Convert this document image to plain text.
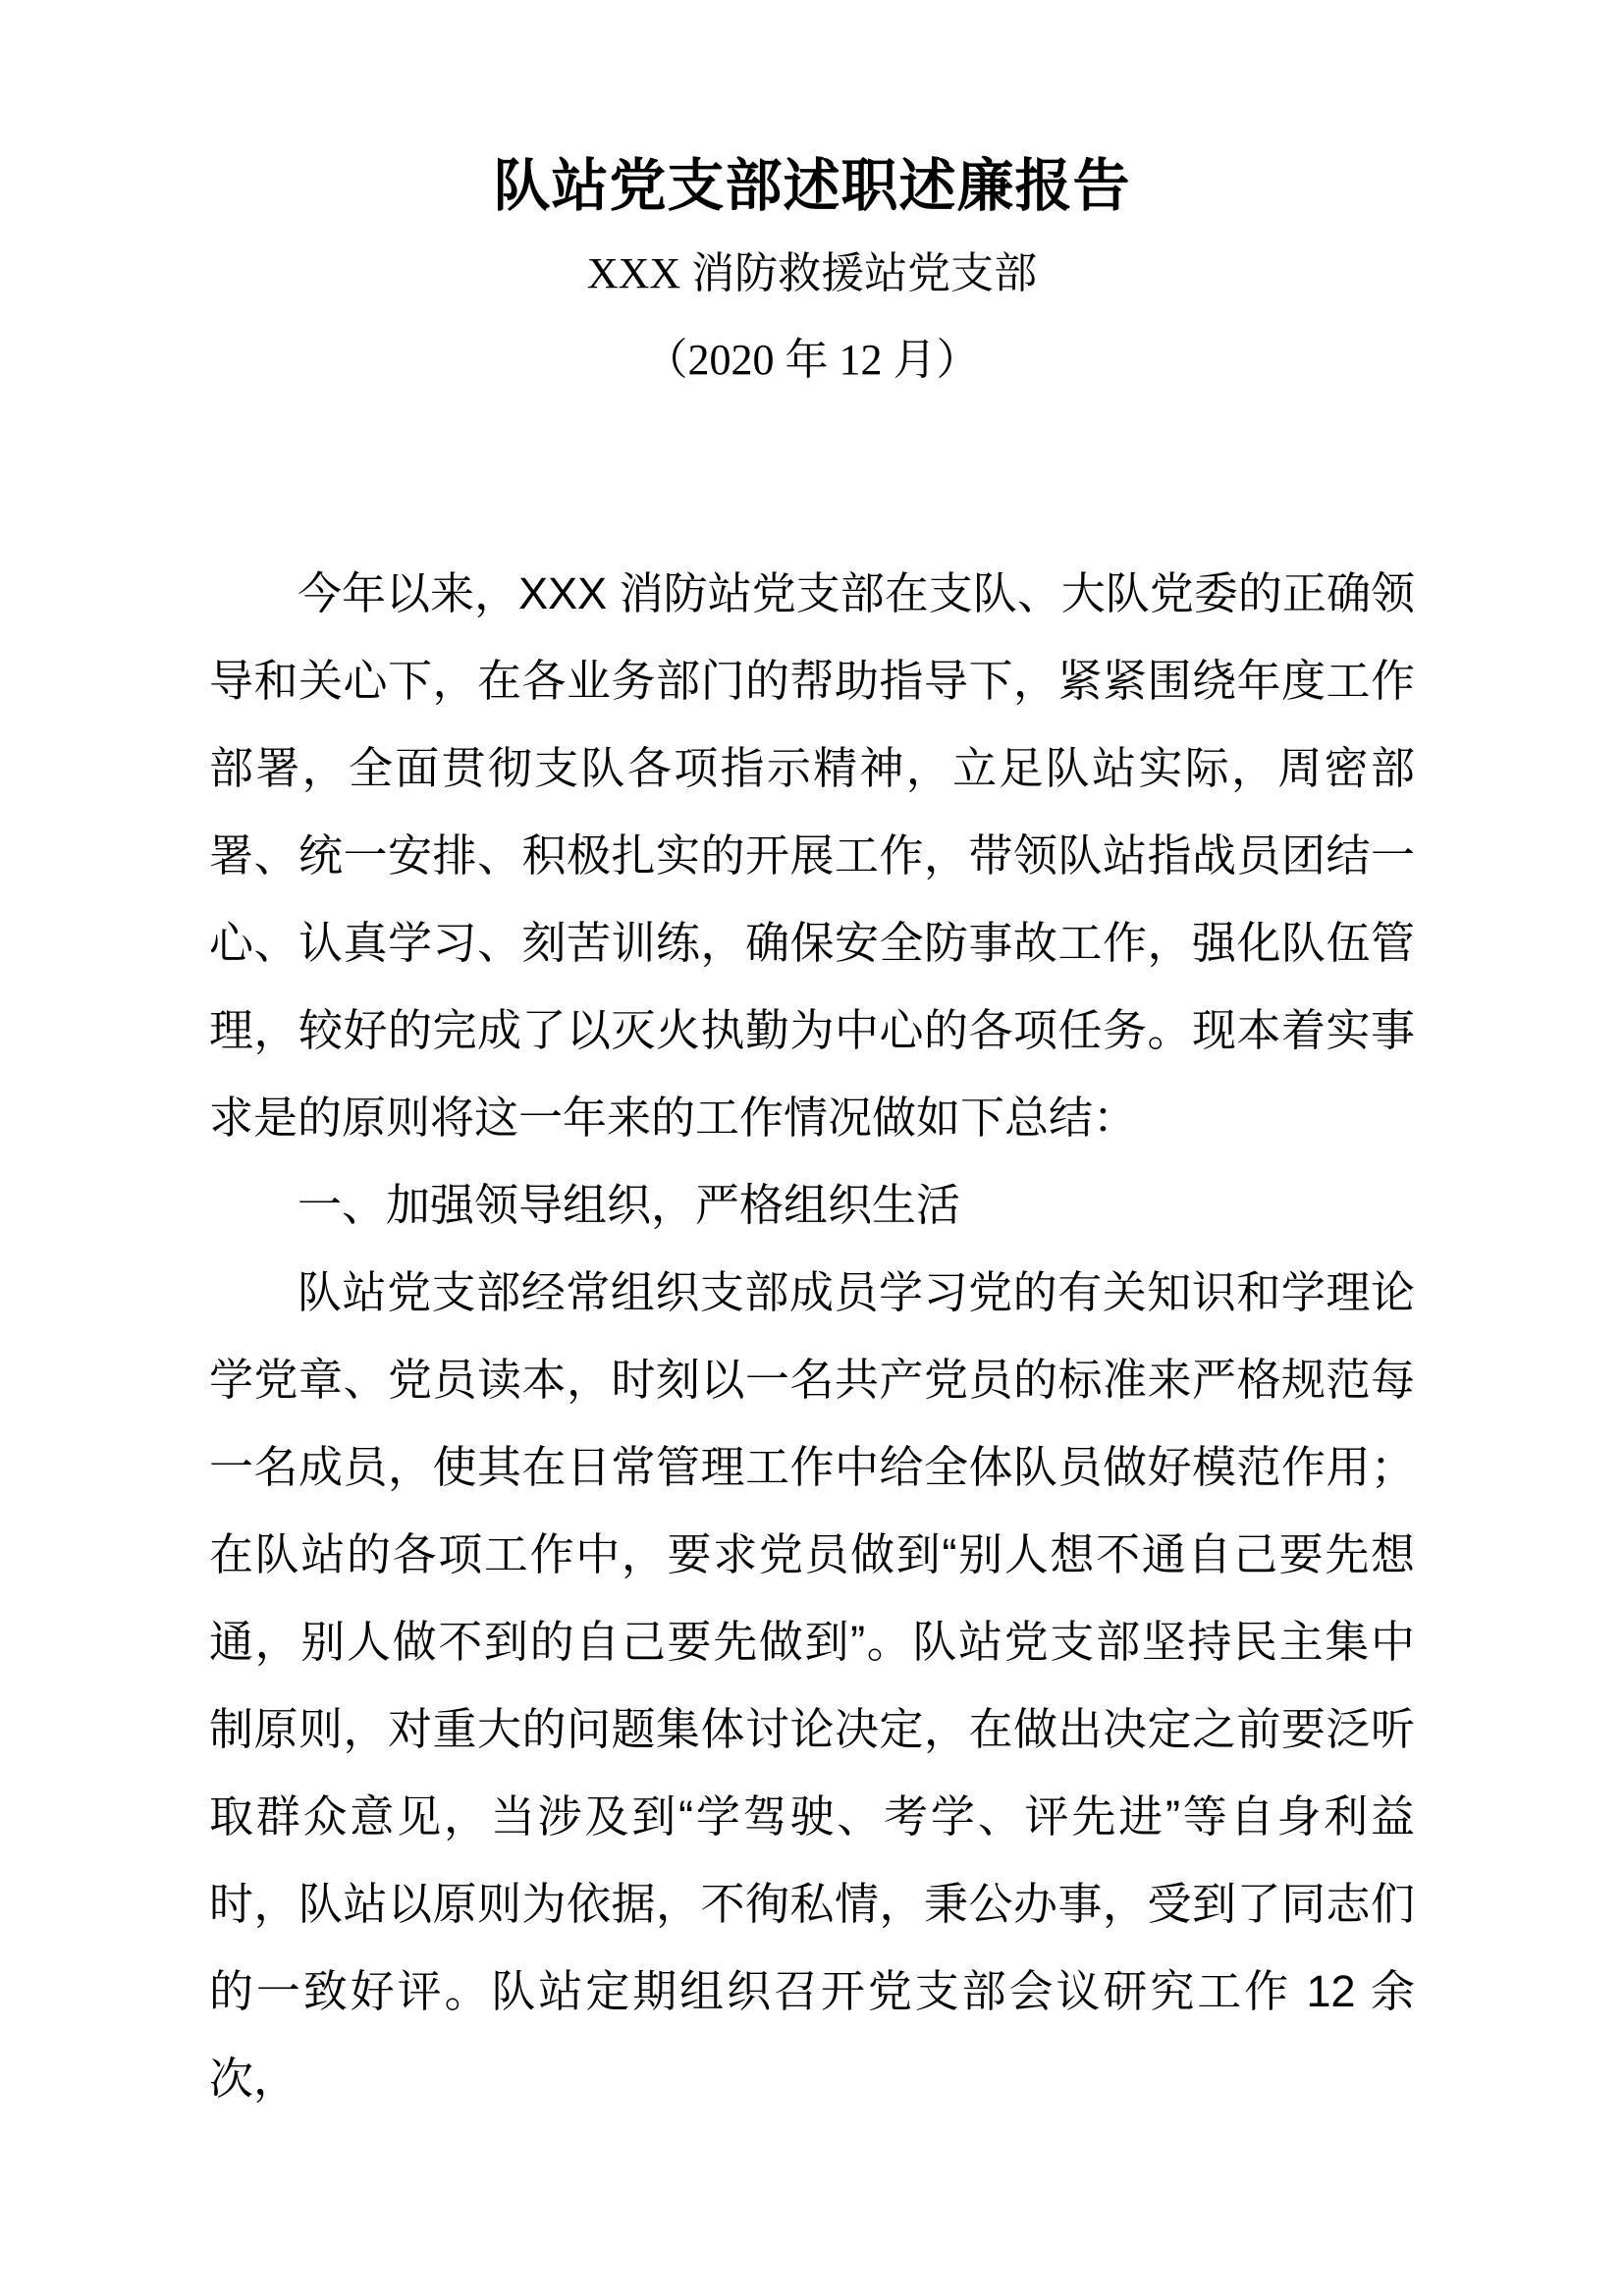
队站党支部述职述廉报告
XXX 消防救援站党支部
（2020 年 12 月）

今年以来，XXX 消防站党支部在支队、大队党委的正确领导和关心下，在各业务部门的帮助指导下，紧紧围绕年度工作部署，全面贯彻支队各项指示精神，立足队站实际，周密部署、统一安排、积极扎实的开展工作，带领队站指战员团结一心、认真学习、刻苦训练，确保安全防事故工作，强化队伍管理，较好的完成了以灭火执勤为中心的各项任务。现本着实事求是的原则将这一年来的工作情况做如下总结：

一、加强领导组织，严格组织生活

队站党支部经常组织支部成员学习党的有关知识和学理论学党章、党员读本，时刻以一名共产党员的标准来严格规范每一名成员，使其在日常管理工作中给全体队员做好模范作用；在队站的各项工作中，要求党员做到“别人想不通自己要先想通，别人做不到的自己要先做到”。队站党支部坚持民主集中制原则，对重大的问题集体讨论决定，在做出决定之前要泛听取群众意见，当涉及到“学驾驶、考学、评先进”等自身利益时，队站以原则为依据，不徇私情，秉公办事，受到了同志们的一致好评。队站定期组织召开党支部会议研究工作 12 余次，
